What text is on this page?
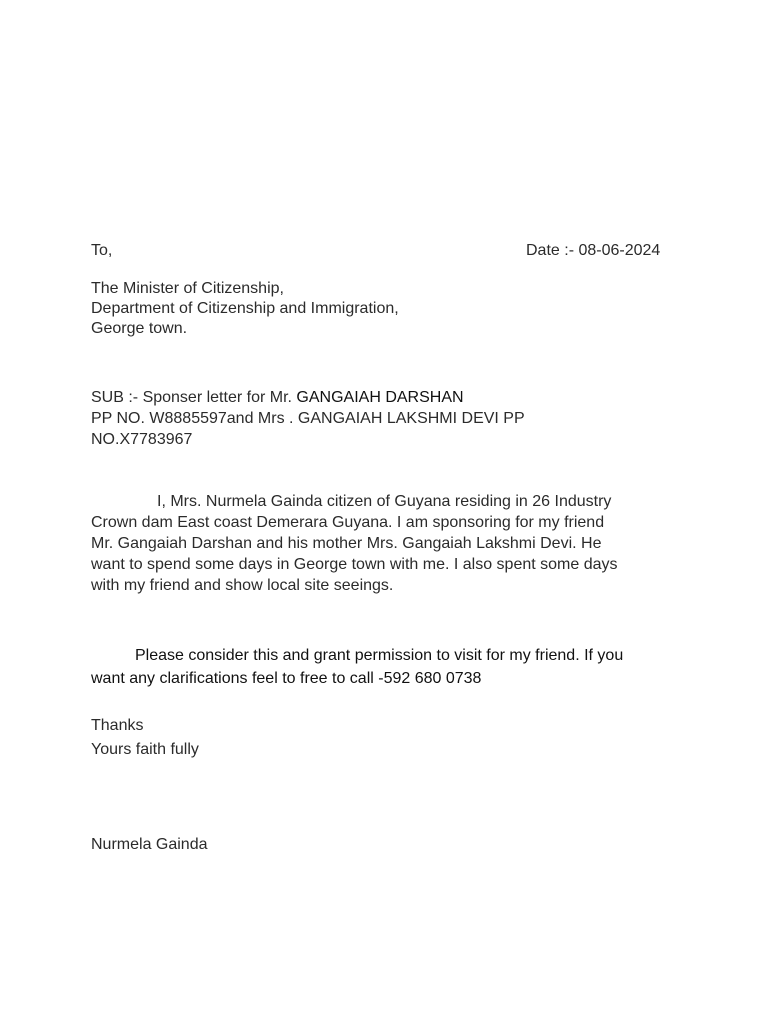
To,	Date :- 08-06-2024
The Minister of Citizenship,
Department of Citizenship and Immigration,
George town.
SUB :- Sponser letter for Mr. GANGAIAH DARSHAN
PP NO. W8885597and Mrs . GANGAIAH LAKSHMI DEVI PP
NO.X7783967
I, Mrs. Nurmela Gainda citizen of Guyana residing in 26 Industry
Crown dam East coast Demerara Guyana. I am sponsoring for my friend
Mr. Gangaiah Darshan and his mother Mrs. Gangaiah Lakshmi Devi. He
want to spend some days in George town with me. I also spent some days
with my friend and show local site seeings.
Please consider this and grant permission to visit for my friend. If you
want any clarifications feel to free to call -592 680 0738
Thanks
Yours faith fully
Nurmela Gainda
